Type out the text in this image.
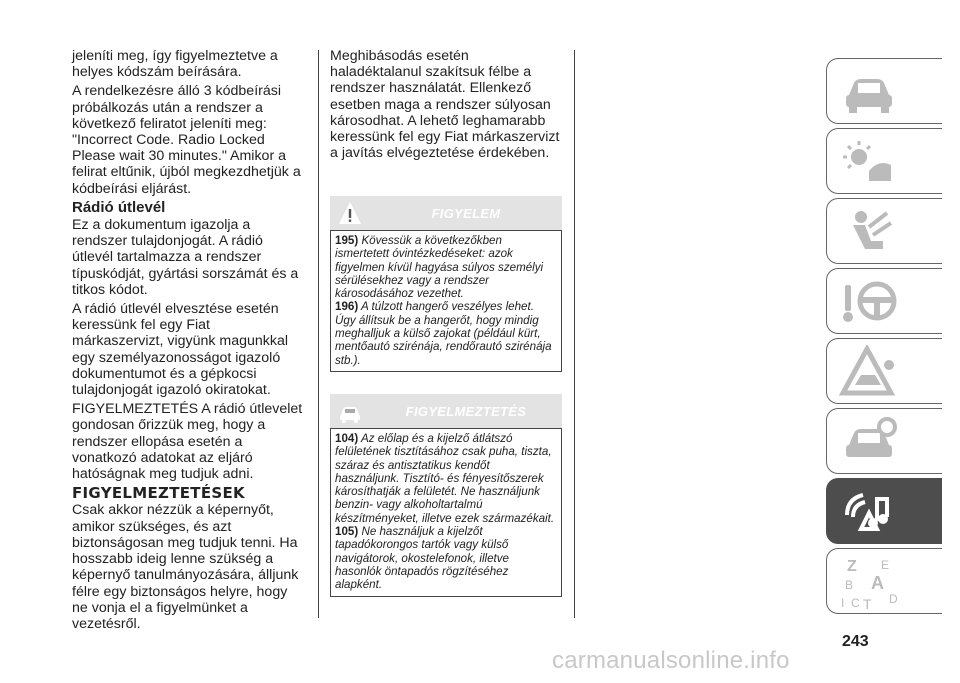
jeleníti meg, így figyelmeztetve a helyes kódszám beírására.

A rendelkezésre álló 3 kódbeírási próbálkozás után a rendszer a következő feliratot jeleníti meg: "Incorrect Code. Radio Locked Please wait 30 minutes." Amikor a felirat eltűnik, újból megkezdhetjük a kódbeírási eljárást.

Rádió útlevél

Ez a dokumentum igazolja a rendszer tulajdonjogát. A rádió útlevél tartalmazza a rendszer típuskódját, gyártási sorszámát és a titkos kódot.

A rádió útlevél elvesztése esetén keressünk fel egy Fiat márkaszervizt, vigyünk magunkkal egy személyazonosságot igazoló dokumentumot és a gépkocsi tulajdonjogát igazoló okiratokat.

FIGYELMEZTETÉS A rádió útlevelet gondosan őrizzük meg, hogy a rendszer ellopása esetén a vonatkozó adatokat az eljáró hatóságnak meg tudjuk adni.

FIGYELMEZTETÉSEK

Csak akkor nézzük a képernyőt, amikor szükséges, és azt biztonságosan meg tudjuk tenni. Ha hosszabb ideig lenne szükség a képernyő tanulmányozására, álljunk félre egy biztonságos helyre, hogy ne vonja el a figyelmünket a vezetésről.

Meghibásodás esetén haladéktalanul szakítsuk félbe a rendszer használatát. Ellenkező esetben maga a rendszer súlyosan károsodhat. A lehető leghamarabb keressünk fel egy Fiat márkaszervizt a javítás elvégeztetése érdekében.

FIGYELEM
195) Kövessük a következőkben ismertetett óvintézkedéseket: azok figyelmen kívül hagyása súlyos személyi sérülésekhez vagy a rendszer károsodásához vezethet.
196) A túlzott hangerő veszélyes lehet. Úgy állítsuk be a hangerőt, hogy mindig meghalljuk a külső zajokat (például kürt, mentőautó szirénája, rendőrautó szirénája stb.).
FIGYELMEZTETÉS
104) Az előlap és a kijelző átlátszó felületének tisztításához csak puha, tiszta, száraz és antisztatikus kendőt használjunk. Tisztító- és fényesítőszerek károsíthatják a felületét. Ne használjunk benzin- vagy alkoholtartalmú készítményeket, illetve ezek származékait.
105) Ne használjuk a kijelzőt tapadókorongos tartók vagy külső navigátorok, okostelefonok, illetve hasonlók öntapadós rögzítéséhez alapként.
Z E
B A
C D
I T
243
carmanualsonline.info
